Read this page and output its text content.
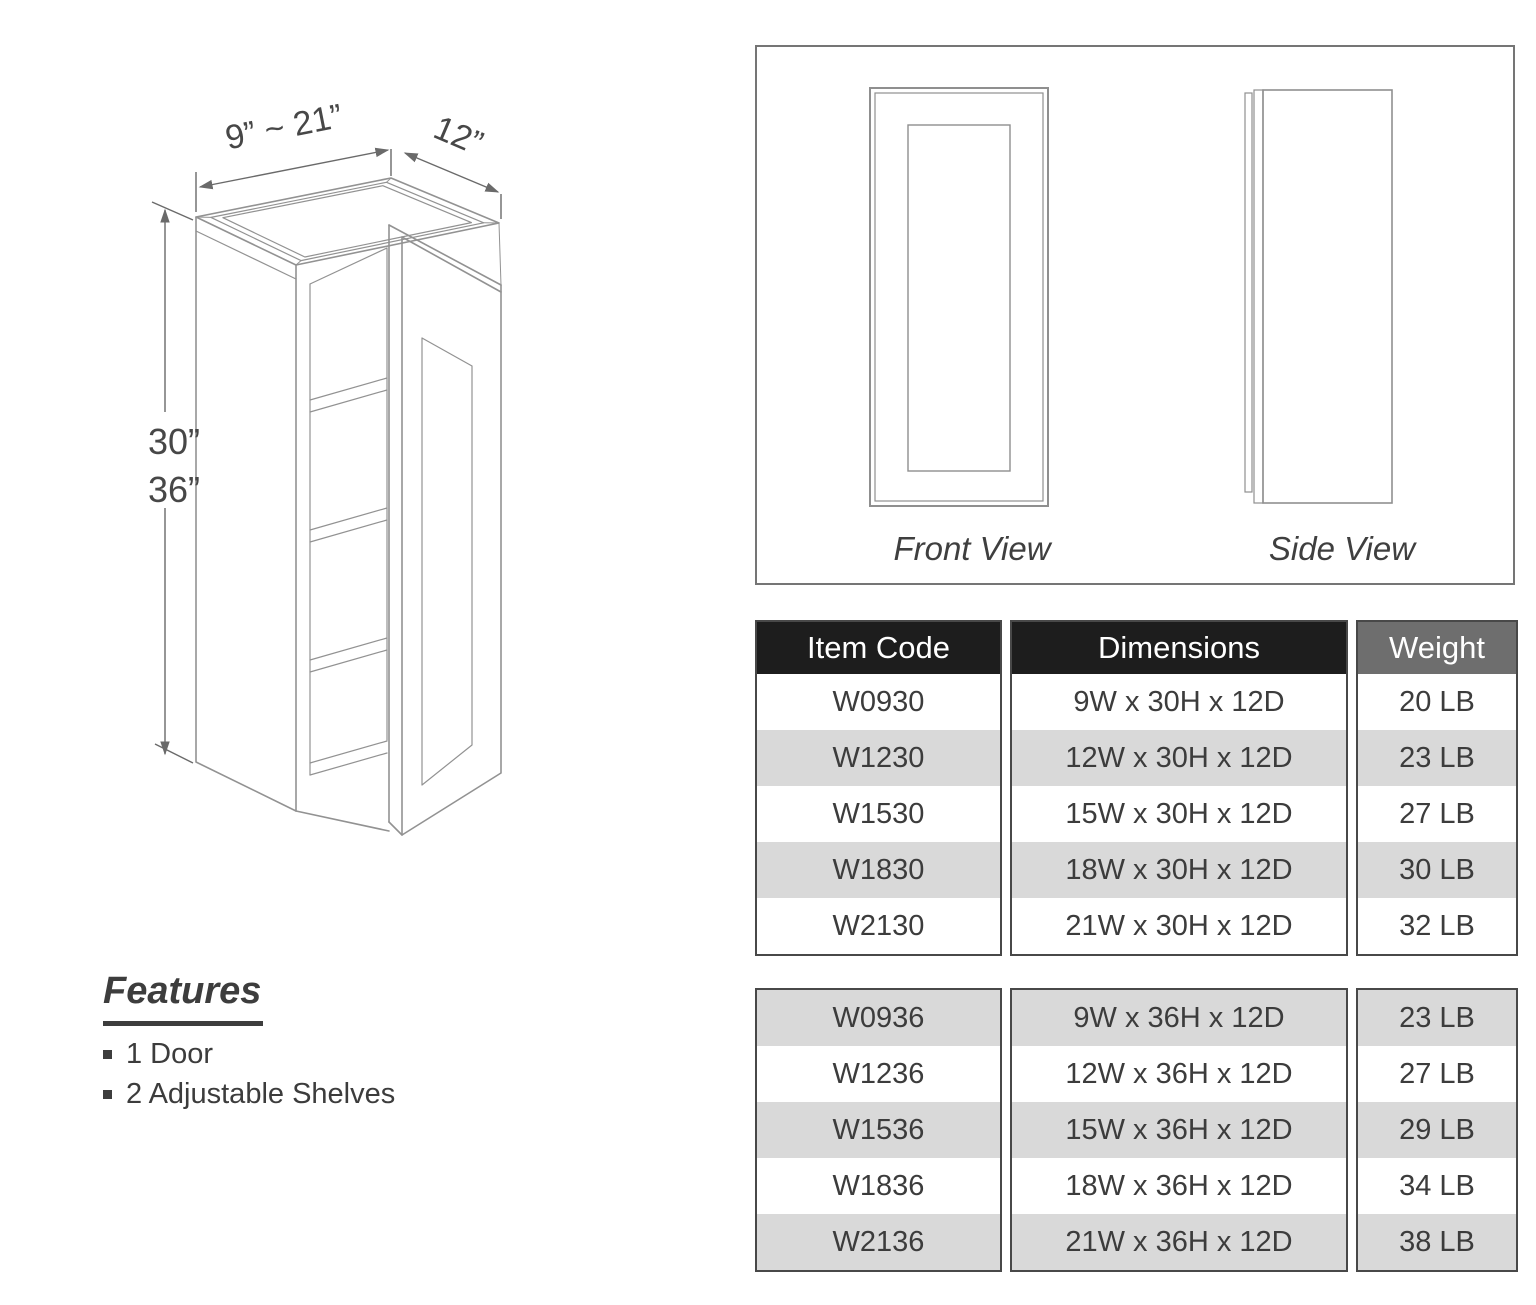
9” ~ 21” 12”
30”
36”
Front View	Side View
Item Code
W0930
W1230
W1530
W1830
W2130
Dimensions
9W x 30H x 12D
12W x 30H x 12D
15W x 30H x 12D
18W x 30H x 12D
21W x 30H x 12D
Weight
20 LB
23 LB
27 LB
30 LB
32 LB
W0936
W1236
W1536
W1836
W2136
9W x 36H x 12D
12W x 36H x 12D
15W x 36H x 12D
18W x 36H x 12D
21W x 36H x 12D
23 LB
27 LB
29 LB
34 LB
38 LB
Features
1 Door
2 Adjustable Shelves
